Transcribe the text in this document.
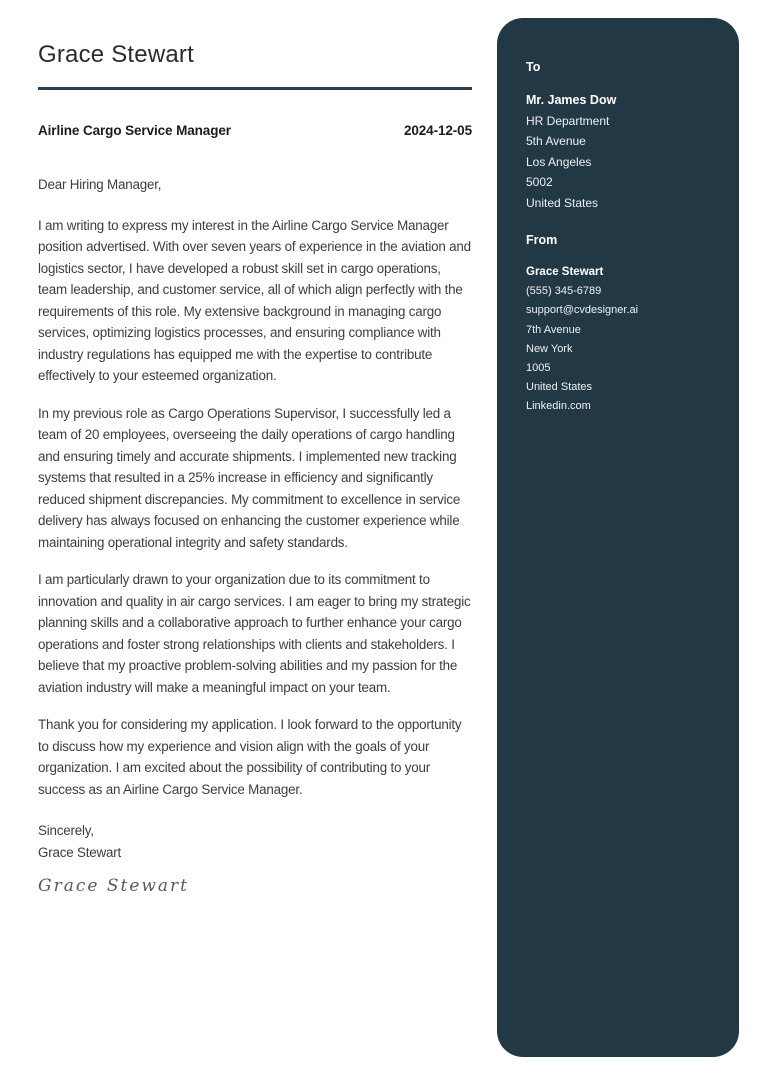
Grace Stewart
Airline Cargo Service Manager	2024-12-05

Dear Hiring Manager,

I am writing to express my interest in the Airline Cargo Service Manager position advertised. With over seven years of experience in the aviation and logistics sector, I have developed a robust skill set in cargo operations, team leadership, and customer service, all of which align perfectly with the requirements of this role. My extensive background in managing cargo services, optimizing logistics processes, and ensuring compliance with industry regulations has equipped me with the expertise to contribute effectively to your esteemed organization.

In my previous role as Cargo Operations Supervisor, I successfully led a team of 20 employees, overseeing the daily operations of cargo handling and ensuring timely and accurate shipments. I implemented new tracking systems that resulted in a 25% increase in efficiency and significantly reduced shipment discrepancies. My commitment to excellence in service delivery has always focused on enhancing the customer experience while maintaining operational integrity and safety standards.

I am particularly drawn to your organization due to its commitment to innovation and quality in air cargo services. I am eager to bring my strategic planning skills and a collaborative approach to further enhance your cargo operations and foster strong relationships with clients and stakeholders. I believe that my proactive problem-solving abilities and my passion for the aviation industry will make a meaningful impact on your team.

Thank you for considering my application. I look forward to the opportunity to discuss how my experience and vision align with the goals of your organization. I am excited about the possibility of contributing to your success as an Airline Cargo Service Manager.

Sincerely,
Grace Stewart
Grace Stewart
To
Mr. James Dow
HR Department
5th Avenue
Los Angeles
5002
United States
From
Grace Stewart
(555) 345-6789
support@cvdesigner.ai
7th Avenue
New York
1005
United States
Linkedin.com
